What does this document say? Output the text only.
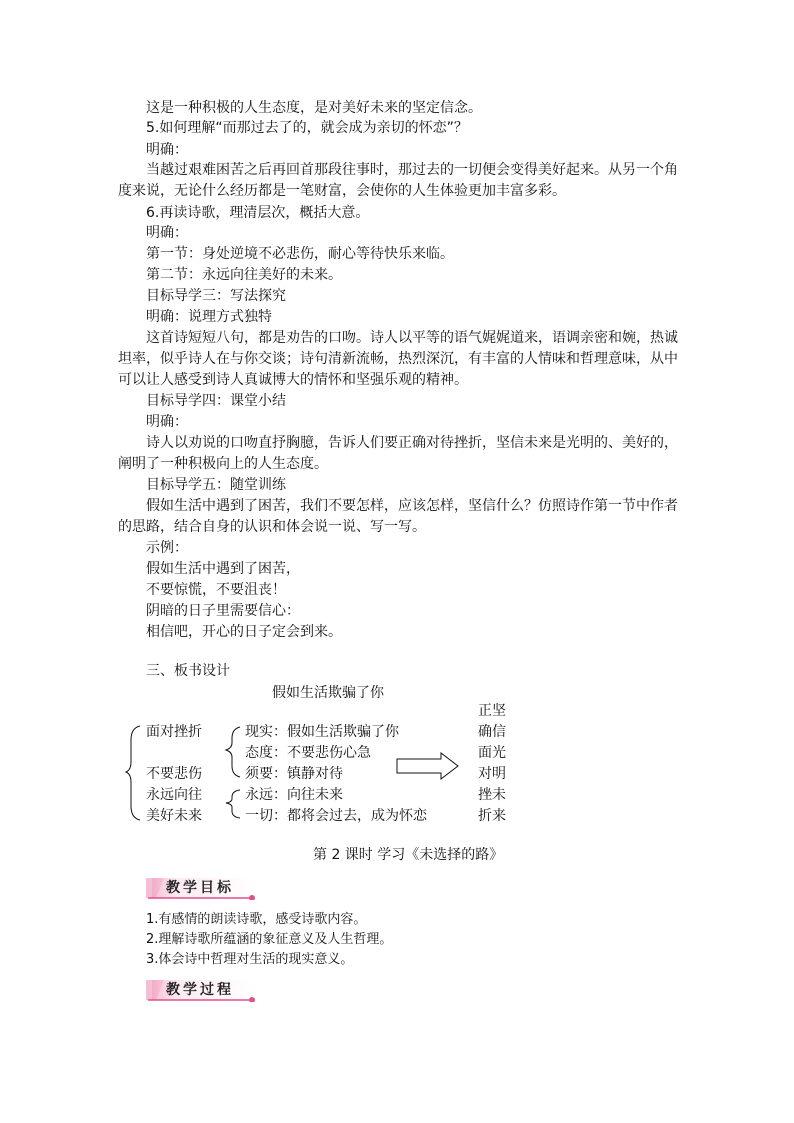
这是一种积极的人生态度，是对美好未来的坚定信念。
5.如何理解“而那过去了的，就会成为亲切的怀恋”？
明确：
当越过艰难困苦之后再回首那段往事时，那过去的一切便会变得美好起来。从另一个角
度来说，无论什么经历都是一笔财富，会使你的人生体验更加丰富多彩。
6.再读诗歌，理清层次，概括大意。
明确：
第一节：身处逆境不必悲伤，耐心等待快乐来临。
第二节：永远向往美好的未来。
目标导学三：写法探究
明确：说理方式独特
这首诗短短八句，都是劝告的口吻。诗人以平等的语气娓娓道来，语调亲密和婉，热诚
坦率，似乎诗人在与你交谈；诗句清新流畅，热烈深沉，有丰富的人情味和哲理意味，从中
可以让人感受到诗人真诚博大的情怀和坚强乐观的精神。
目标导学四：课堂小结
明确：
诗人以劝说的口吻直抒胸臆，告诉人们要正确对待挫折，坚信未来是光明的、美好的，
阐明了一种积极向上的人生态度。
目标导学五：随堂训练
假如生活中遇到了困苦，我们不要怎样，应该怎样，坚信什么？仿照诗作第一节中作者
的思路，结合自身的认识和体会说一说、写一写。
示例：
假如生活中遇到了困苦，
不要惊慌，不要沮丧！
阴暗的日子里需要信心：
相信吧，开心的日子定会到来。
三、板书设计
假如生活欺骗了你
面对挫折
不要悲伤
永远向往
美好未来
现实：假如生活欺骗了你
态度：不要悲伤心急
须要：镇静对待
永远：向往未来
一切：都将会过去，成为怀恋
正坚
确信
面光
对明
挫未
折来
第 2 课时 学习《未选择的路》
教学目标
1.有感情的朗读诗歌，感受诗歌内容。
2.理解诗歌所蕴涵的象征意义及人生哲理。
3.体会诗中哲理对生活的现实意义。
教学过程
